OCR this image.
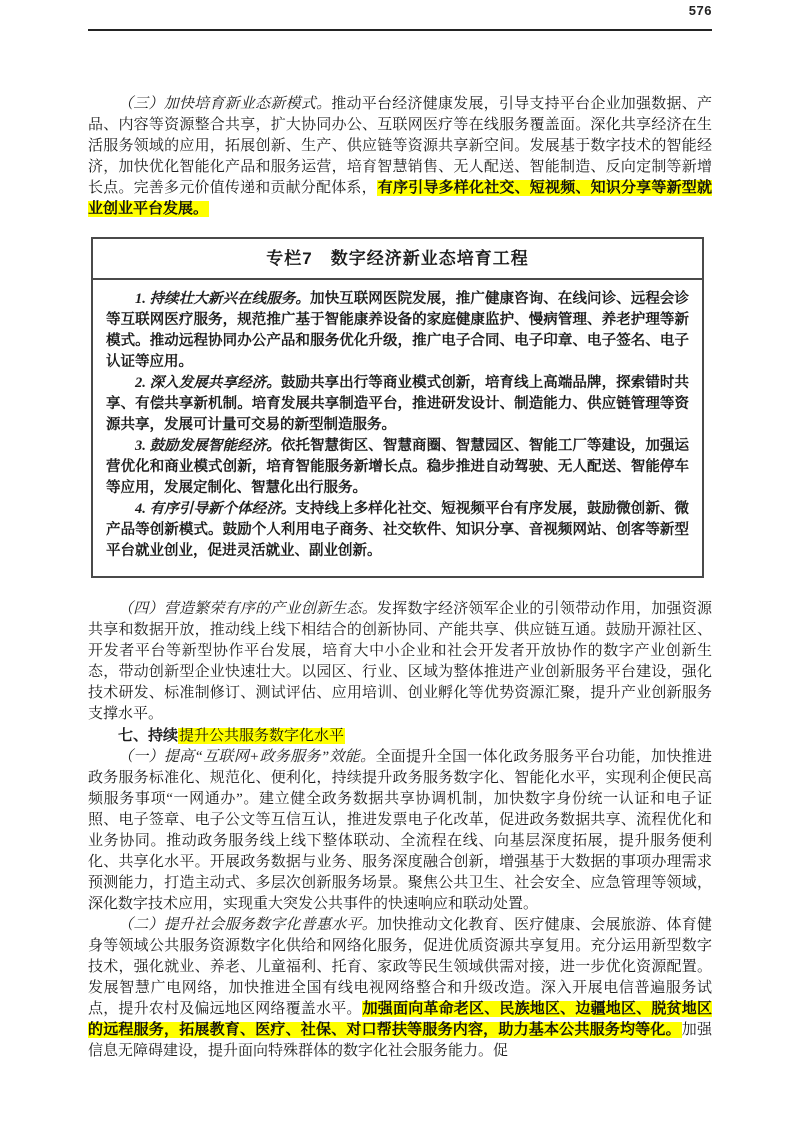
576

（三）加快培育新业态新模式。推动平台经济健康发展，引导支持平台企业加强数据、产品、内容等资源整合共享，扩大协同办公、互联网医疗等在线服务覆盖面。深化共享经济在生活服务领域的应用，拓展创新、生产、供应链等资源共享新空间。发展基于数字技术的智能经济，加快优化智能化产品和服务运营，培育智慧销售、无人配送、智能制造、反向定制等新增长点。完善多元价值传递和贡献分配体系，有序引导多样化社交、短视频、知识分享等新型就业创业平台发展。

专栏7　数字经济新业态培育工程

1. 持续壮大新兴在线服务。加快互联网医院发展，推广健康咨询、在线问诊、远程会诊等互联网医疗服务，规范推广基于智能康养设备的家庭健康监护、慢病管理、养老护理等新模式。推动远程协同办公产品和服务优化升级，推广电子合同、电子印章、电子签名、电子认证等应用。

2. 深入发展共享经济。鼓励共享出行等商业模式创新，培育线上高端品牌，探索错时共享、有偿共享新机制。培育发展共享制造平台，推进研发设计、制造能力、供应链管理等资源共享，发展可计量可交易的新型制造服务。

3. 鼓励发展智能经济。依托智慧街区、智慧商圈、智慧园区、智能工厂等建设，加强运营优化和商业模式创新，培育智能服务新增长点。稳步推进自动驾驶、无人配送、智能停车等应用，发展定制化、智慧化出行服务。

4. 有序引导新个体经济。支持线上多样化社交、短视频平台有序发展，鼓励微创新、微产品等创新模式。鼓励个人利用电子商务、社交软件、知识分享、音视频网站、创客等新型平台就业创业，促进灵活就业、副业创新。

（四）营造繁荣有序的产业创新生态。发挥数字经济领军企业的引领带动作用，加强资源共享和数据开放，推动线上线下相结合的创新协同、产能共享、供应链互通。鼓励开源社区、开发者平台等新型协作平台发展，培育大中小企业和社会开发者开放协作的数字产业创新生态，带动创新型企业快速壮大。以园区、行业、区域为整体推进产业创新服务平台建设，强化技术研发、标准制修订、测试评估、应用培训、创业孵化等优势资源汇聚，提升产业创新服务支撑水平。

七、持续提升公共服务数字化水平

（一）提高“互联网+政务服务”效能。全面提升全国一体化政务服务平台功能，加快推进政务服务标准化、规范化、便利化，持续提升政务服务数字化、智能化水平，实现利企便民高频服务事项“一网通办”。建立健全政务数据共享协调机制，加快数字身份统一认证和电子证照、电子签章、电子公文等互信互认，推进发票电子化改革，促进政务数据共享、流程优化和业务协同。推动政务服务线上线下整体联动、全流程在线、向基层深度拓展，提升服务便利化、共享化水平。开展政务数据与业务、服务深度融合创新，增强基于大数据的事项办理需求预测能力，打造主动式、多层次创新服务场景。聚焦公共卫生、社会安全、应急管理等领域，深化数字技术应用，实现重大突发公共事件的快速响应和联动处置。

（二）提升社会服务数字化普惠水平。加快推动文化教育、医疗健康、会展旅游、体育健身等领域公共服务资源数字化供给和网络化服务，促进优质资源共享复用。充分运用新型数字技术，强化就业、养老、儿童福利、托育、家政等民生领域供需对接，进一步优化资源配置。发展智慧广电网络，加快推进全国有线电视网络整合和升级改造。深入开展电信普遍服务试点，提升农村及偏远地区网络覆盖水平。加强面向革命老区、民族地区、边疆地区、脱贫地区的远程服务，拓展教育、医疗、社保、对口帮扶等服务内容，助力基本公共服务均等化。加强信息无障碍建设，提升面向特殊群体的数字化社会服务能力。促
